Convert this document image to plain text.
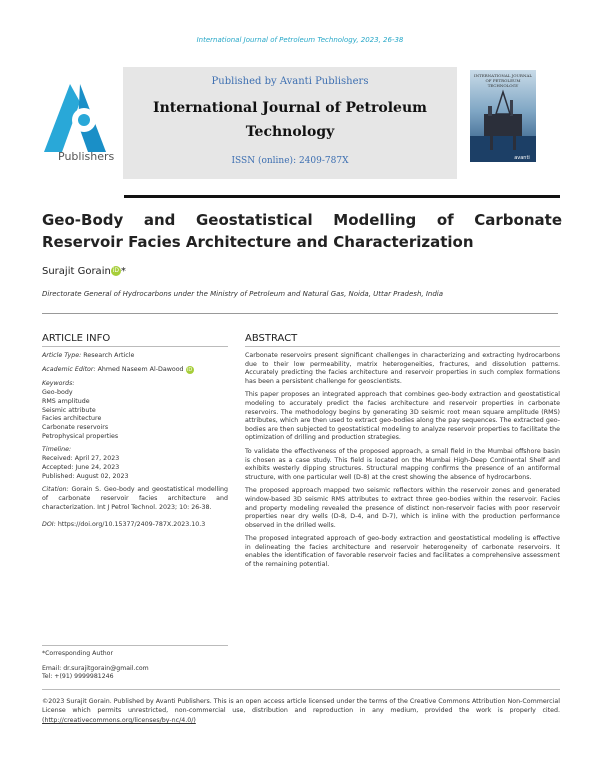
International Journal of Petroleum Technology, 2023, 26-38
Publishers
Published by Avanti Publishers
International Journal of Petroleum Technology
ISSN (online): 2409-787X
INTERNATIONAL JOURNAL
OF PETROLEUM
TECHNOLOGY
avanti
Geo-Body and Geostatistical Modelling of Carbonate Reservoir Facies Architecture and Characterization
Surajit Gorain iD *
Directorate General of Hydrocarbons under the Ministry of Petroleum and Natural Gas, Noida, Uttar Pradesh, India
ARTICLE INFO
Article Type: Research Article
Academic Editor: Ahmed Naseem Al-Dawood iD
Keywords:
Geo-body
RMS amplitude
Seismic attribute
Facies architecture
Carbonate reservoirs
Petrophysical properties
Timeline:
Received: April 27, 2023
Accepted: June 24, 2023
Published: August 02, 2023
Citation: Gorain S. Geo-body and geostatistical modelling of carbonate reservoir facies architecture and characterization. Int J Petrol Technol. 2023; 10: 26-38.
DOI: https://doi.org/10.15377/2409-787X.2023.10.3
ABSTRACT

Carbonate reservoirs present significant challenges in characterizing and extracting hydrocarbons due to their low permeability, matrix heterogeneities, fractures, and dissolution patterns. Accurately predicting the facies architecture and reservoir properties in such complex formations has been a persistent challenge for geoscientists.

This paper proposes an integrated approach that combines geo-body extraction and geostatistical modeling to accurately predict the facies architecture and reservoir properties in carbonate reservoirs. The methodology begins by generating 3D seismic root mean square amplitude (RMS) attributes, which are then used to extract geo-bodies along the pay sequences. The extracted geo-bodies are then subjected to geostatistical modeling to analyze reservoir properties to facilitate the optimization of drilling and production strategies.

To validate the effectiveness of the proposed approach, a small field in the Mumbai offshore basin is chosen as a case study. This field is located on the Mumbai High-Deep Continental Shelf and exhibits westerly dipping structures. Structural mapping confirms the presence of an antiformal structure, with one particular well (D-8) at the crest showing the absence of hydrocarbons.

The proposed approach mapped two seismic reflectors within the reservoir zones and generated window-based 3D seismic RMS attributes to extract three geo-bodies within the reservoir. Facies and property modeling revealed the presence of distinct non-reservoir facies with poor reservoir properties near dry wells (D-8, D-4, and D-7), which is inline with the production performance observed in the drilled wells.

The proposed integrated approach of geo-body extraction and geostatistical modeling is effective in delineating the facies architecture and reservoir heterogeneity of carbonate reservoirs. It enables the identification of favorable reservoir facies and facilitates a comprehensive assessment of the remaining potential.

*Corresponding Author
Email: dr.surajitgorain@gmail.com
Tel: +(91) 9999981246
©2023 Surajit Gorain. Published by Avanti Publishers. This is an open access article licensed under the terms of the Creative Commons Attribution Non-Commercial License which permits unrestricted, non-commercial use, distribution and reproduction in any medium, provided the work is properly cited. (http://creativecommons.org/licenses/by-nc/4.0/)
